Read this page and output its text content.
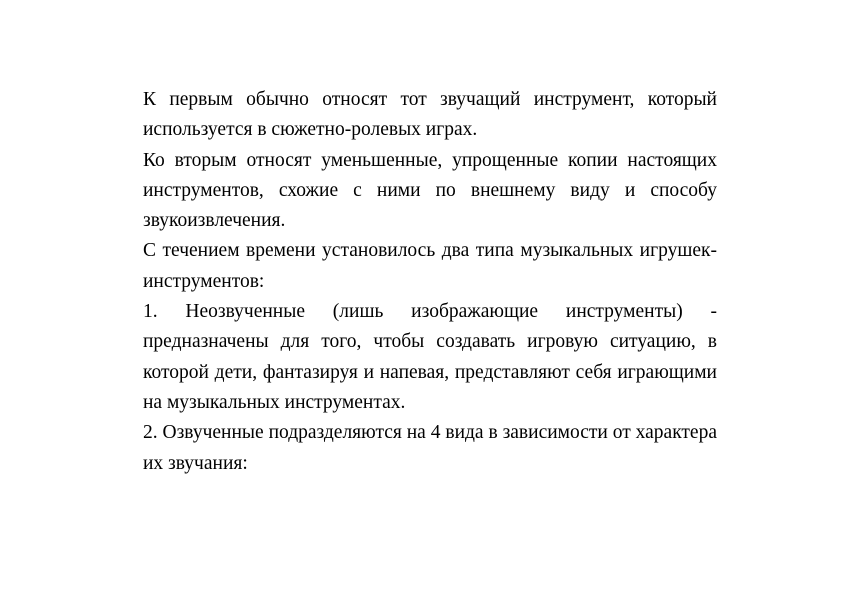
К первым обычно относят тот звучащий инструмент, который используется в сюжетно-ролевых играх.

Ко вторым относят уменьшенные, упрощенные копии настоящих инструментов, схожие с ними по внешнему виду и способу звукоизвлечения.

С течением времени установилось два типа музыкальных игрушек-инструментов:

1. Неозвученные (лишь изображающие инструменты) - предназначены для того, чтобы создавать игровую ситуацию, в которой дети, фантазируя и напевая, представляют себя играющими на музыкальных инструментах.

2. Озвученные подразделяются на 4 вида в зависимости от характера их звучания:
